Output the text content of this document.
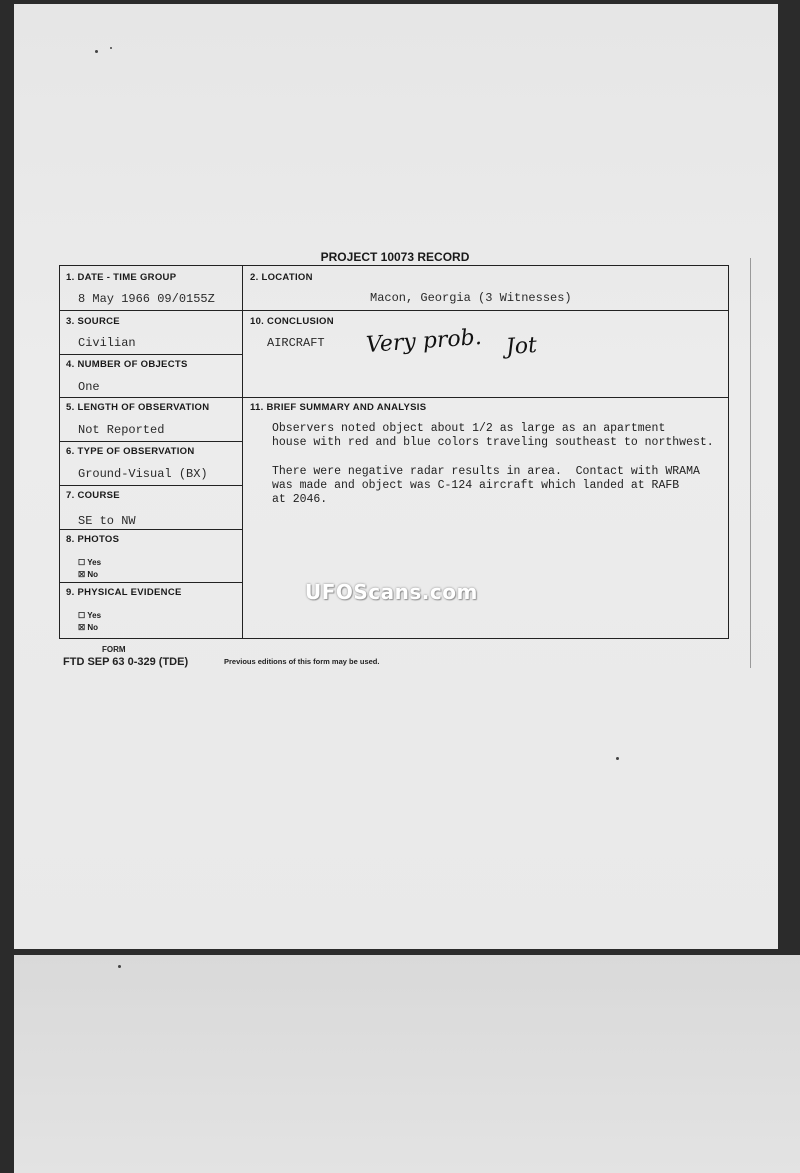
PROJECT 10073 RECORD
1. DATE - TIME GROUP
8 May 1966 09/0155Z
3. SOURCE
Civilian
4. NUMBER OF OBJECTS
One
5. LENGTH OF OBSERVATION
Not Reported
6. TYPE OF OBSERVATION
Ground-Visual (BX)
7. COURSE
SE to NW
8. PHOTOS
☐ Yes
☒ No
9. PHYSICAL EVIDENCE
☐ Yes
☒ No
2. LOCATION
Macon, Georgia (3 Witnesses)
10. CONCLUSION
AIRCRAFT Very prob. Jot
11. BRIEF SUMMARY AND ANALYSIS
Observers noted object about 1/2 as large as an apartment
house with red and blue colors traveling southeast to northwest.
There were negative radar results in area.  Contact with WRAMA
was made and object was C-124 aircraft which landed at RAFB
at 2046.
FORM
FTD SEP 63 0-329 (TDE)	Previous editions of this form may be used.
UFOScans.com
